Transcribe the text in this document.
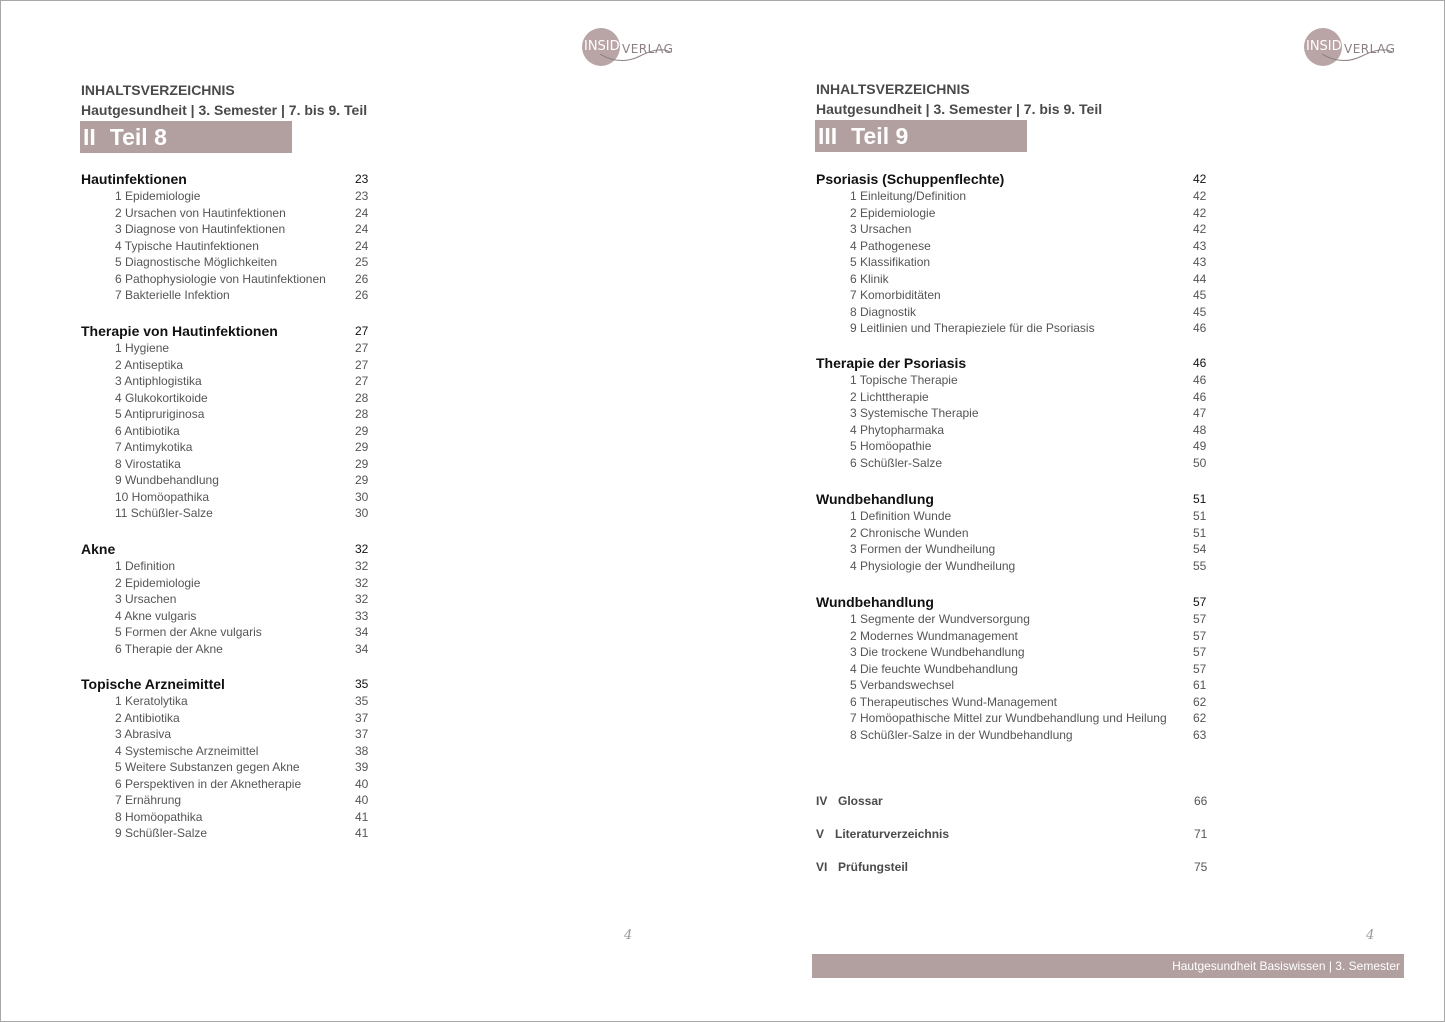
INSIDE
VERLAG
INHALTSVERZEICHNIS
Hautgesundheit | 3. Semester | 7. bis 9. Teil
II Teil 8
Hautinfektionen	23
1 Epidemiologie	23
2 Ursachen von Hautinfektionen	24
3 Diagnose von Hautinfektionen	24
4 Typische Hautinfektionen	24
5 Diagnostische Möglichkeiten	25
6 Pathophysiologie von Hautinfektionen 26
7 Bakterielle Infektion	26
Therapie von Hautinfektionen	27
1 Hygiene	27
2 Antiseptika	27
3 Antiphlogistika	27
4 Glukokortikoide	28
5 Antipruriginosa	28
6 Antibiotika	29
7 Antimykotika	29
8 Virostatika	29
9 Wundbehandlung	29
10 Homöopathika	30
11 Schüßler-Salze	30
Akne	32
1 Definition	32
2 Epidemiologie	32
3 Ursachen	32
4 Akne vulgaris	33
5 Formen der Akne vulgaris	34
6 Therapie der Akne	34
Topische Arzneimittel	35
1 Keratolytika	35
2 Antibiotika	37
3 Abrasiva	37
4 Systemische Arzneimittel	38
5 Weitere Substanzen gegen Akne	39
6 Perspektiven in der Aknetherapie	40
7 Ernährung	40
8 Homöopathika	41
9 Schüßler-Salze	41
4
INSIDE
VERLAG
INHALTSVERZEICHNIS
Hautgesundheit | 3. Semester | 7. bis 9. Teil
III Teil 9
Psoriasis (Schuppenflechte)	42
1 Einleitung/Definition	42
2 Epidemiologie	42
3 Ursachen	42
4 Pathogenese	43
5 Klassifikation	43
6 Klinik	44
7 Komorbiditäten	45
8 Diagnostik	45
9 Leitlinien und Therapieziele für die Psoriasis	46
Therapie der Psoriasis	46
1 Topische Therapie	46
2 Lichttherapie	46
3 Systemische Therapie	47
4 Phytopharmaka	48
5 Homöopathie	49
6 Schüßler-Salze	50
Wundbehandlung	51
1 Definition Wunde	51
2 Chronische Wunden	51
3 Formen der Wundheilung	54
4 Physiologie der Wundheilung	55
Wundbehandlung	57
1 Segmente der Wundversorgung	57
2 Modernes Wundmanagement	57
3 Die trockene Wundbehandlung	57
4 Die feuchte Wundbehandlung	57
5 Verbandswechsel	61
6 Therapeutisches Wund-Management	62
7 Homöopathische Mittel zur Wundbehandlung und Heilung 62
8 Schüßler-Salze in der Wundbehandlung	63
IV Glossar	66
V Literaturverzeichnis	71
VI Prüfungsteil	75
4
Hautgesundheit Basiswissen | 3. Semester
